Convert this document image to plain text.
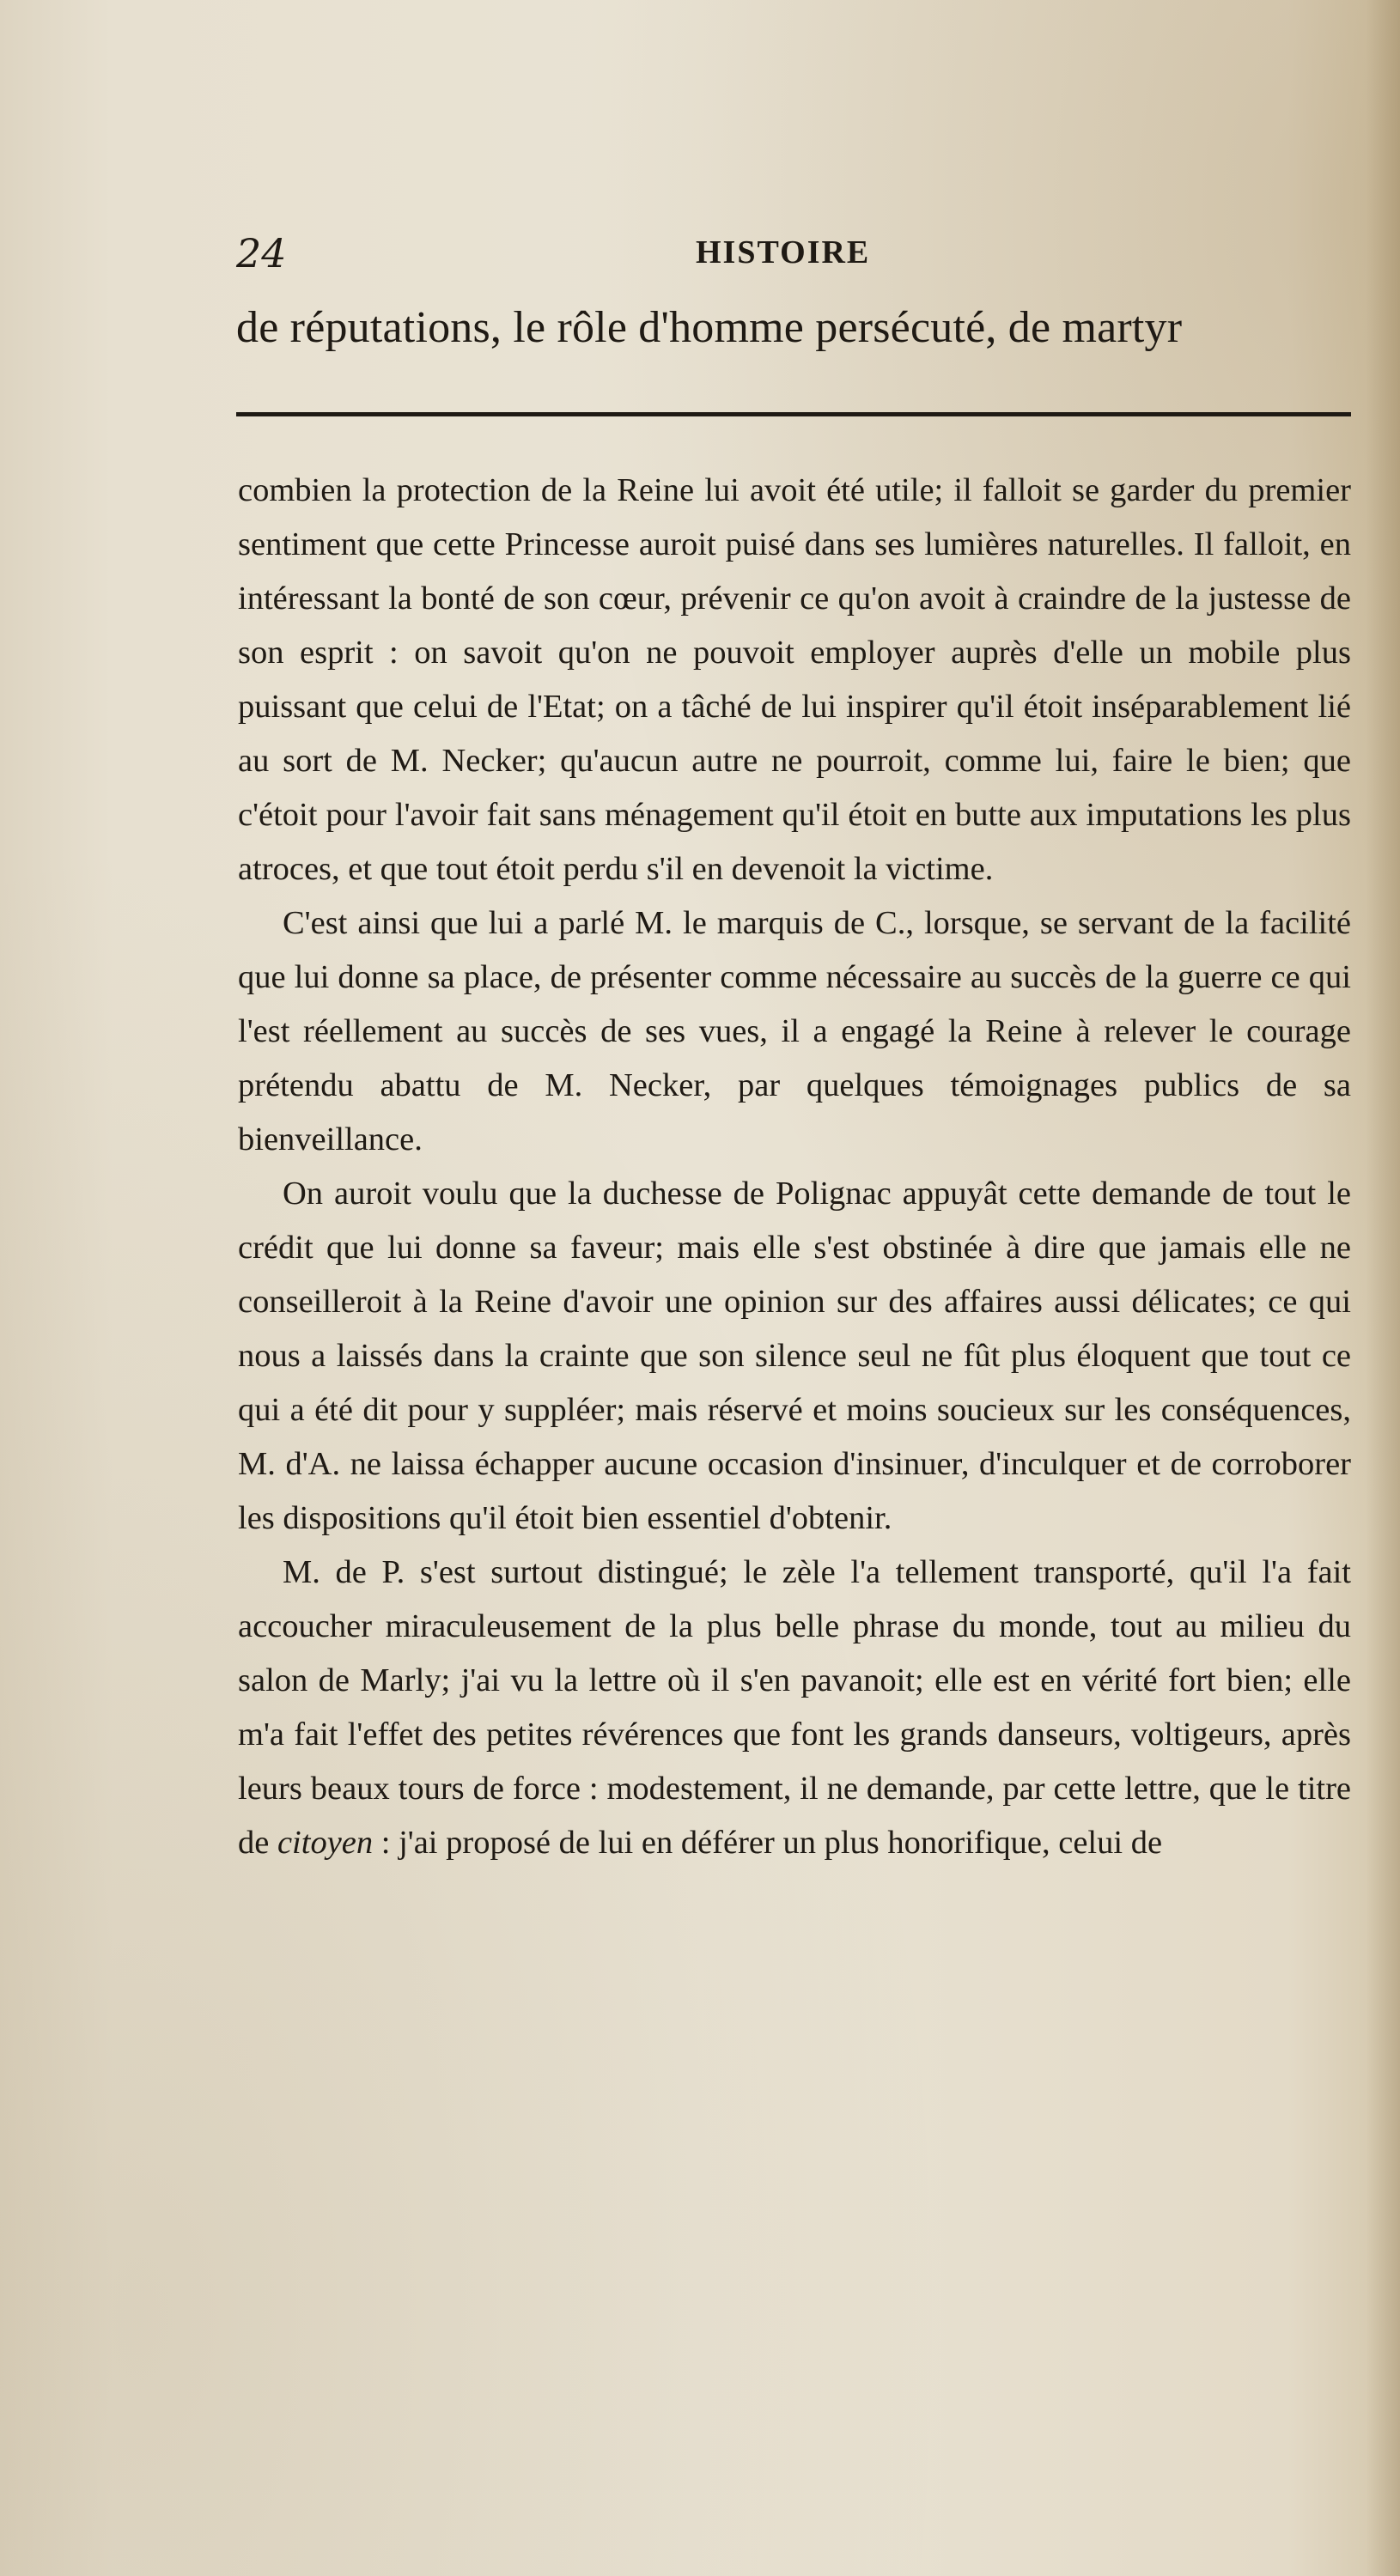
24	HISTOIRE
de réputations, le rôle d'homme persécuté, de martyr

combien la protection de la Reine lui avoit été utile; il falloit se garder du premier sentiment que cette Princesse auroit puisé dans ses lumières naturelles. Il falloit, en intéressant la bonté de son cœur, prévenir ce qu'on avoit à craindre de la justesse de son esprit : on savoit qu'on ne pouvoit employer auprès d'elle un mobile plus puissant que celui de l'Etat; on a tâché de lui inspirer qu'il étoit inséparablement lié au sort de M. Necker; qu'aucun autre ne pourroit, comme lui, faire le bien; que c'étoit pour l'avoir fait sans ménagement qu'il étoit en butte aux imputations les plus atroces, et que tout étoit perdu s'il en devenoit la victime.

C'est ainsi que lui a parlé M. le marquis de C., lorsque, se servant de la facilité que lui donne sa place, de présenter comme nécessaire au succès de la guerre ce qui l'est réellement au succès de ses vues, il a engagé la Reine à relever le courage prétendu abattu de M. Necker, par quelques témoignages publics de sa bienveillance.

On auroit voulu que la duchesse de Polignac appuyât cette demande de tout le crédit que lui donne sa faveur; mais elle s'est obstinée à dire que jamais elle ne conseilleroit à la Reine d'avoir une opinion sur des affaires aussi délicates; ce qui nous a laissés dans la crainte que son silence seul ne fût plus éloquent que tout ce qui a été dit pour y suppléer; mais réservé et moins soucieux sur les conséquences, M. d'A. ne laissa échapper aucune occasion d'insinuer, d'inculquer et de corroborer les dispositions qu'il étoit bien essentiel d'obtenir.

M. de P. s'est surtout distingué; le zèle l'a tellement transporté, qu'il l'a fait accoucher miraculeusement de la plus belle phrase du monde, tout au milieu du salon de Marly; j'ai vu la lettre où il s'en pavanoit; elle est en vérité fort bien; elle m'a fait l'effet des petites révérences que font les grands danseurs, voltigeurs, après leurs beaux tours de force : modestement, il ne demande, par cette lettre, que le titre de citoyen : j'ai proposé de lui en déférer un plus honorifique, celui de
